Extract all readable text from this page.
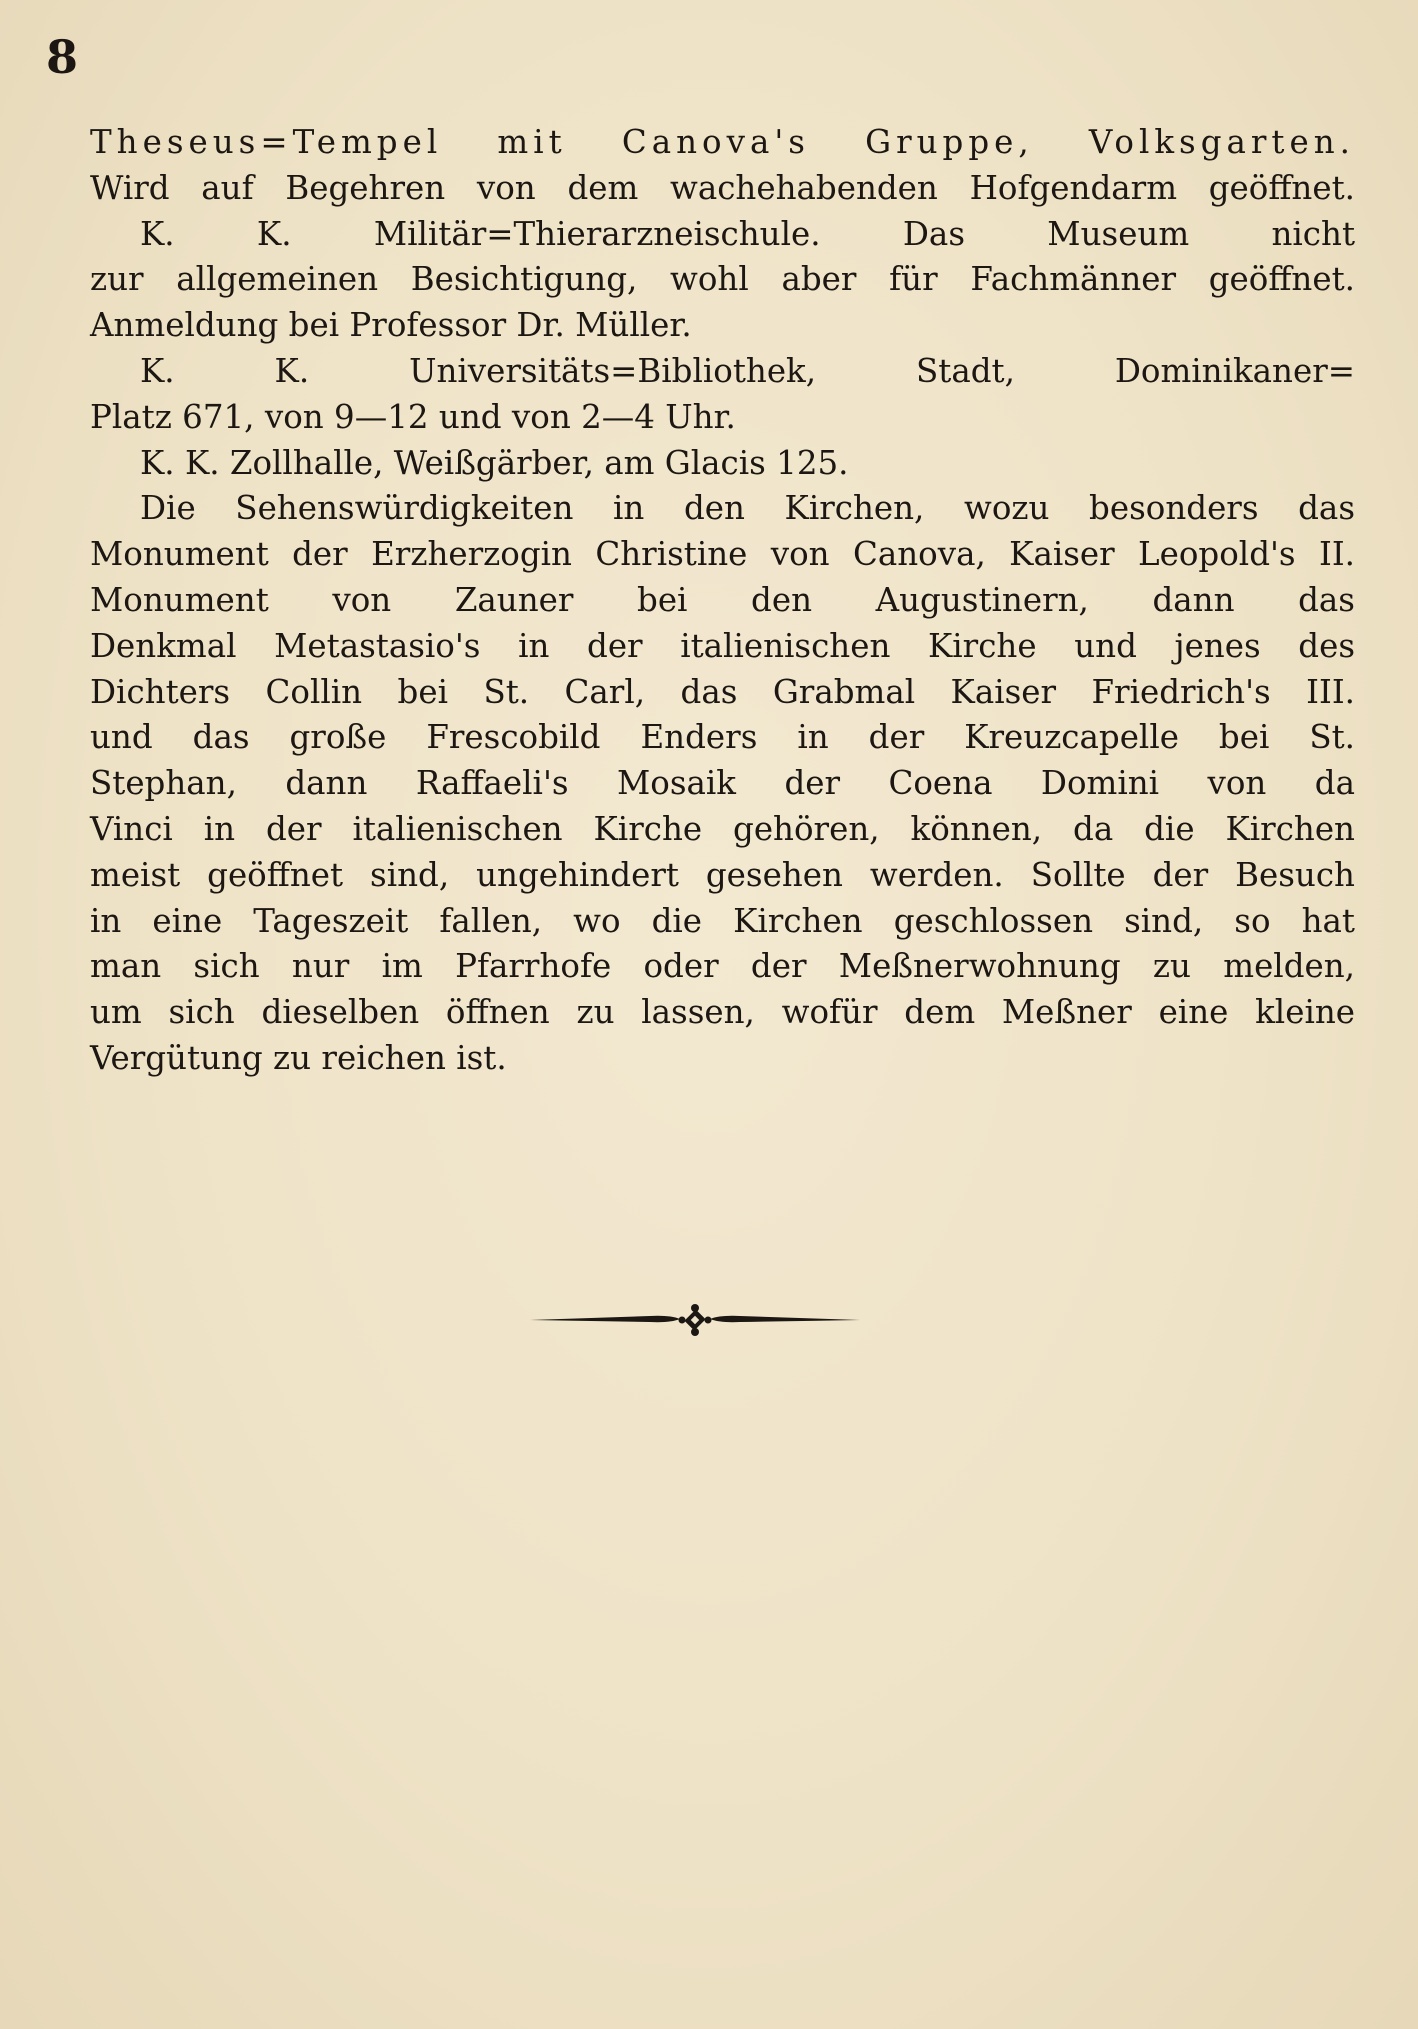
8
Theseus=Tempel mit Canova's Gruppe, Volksgarten.
Wird auf Begehren von dem wachehabenden Hofgendarm geöffnet.
K. K. Militär=Thierarzneischule. Das Museum nicht
zur allgemeinen Besichtigung, wohl aber für Fachmänner geöffnet.
Anmeldung bei Professor Dr. Müller.
K. K. Universitäts=Bibliothek, Stadt, Dominikaner=
Platz 671, von 9—12 und von 2—4 Uhr.
K. K. Zollhalle, Weißgärber, am Glacis 125.
Die Sehenswürdigkeiten in den Kirchen, wozu besonders das
Monument der Erzherzogin Christine von Canova, Kaiser Leopold's II.
Monument von Zauner bei den Augustinern, dann das
Denkmal Metastasio's in der italienischen Kirche und jenes des
Dichters Collin bei St. Carl, das Grabmal Kaiser Friedrich's III.
und das große Frescobild Enders in der Kreuzcapelle bei St.
Stephan, dann Raffaeli's Mosaik der Coena Domini von da
Vinci in der italienischen Kirche gehören, können, da die Kirchen
meist geöffnet sind, ungehindert gesehen werden. Sollte der Besuch
in eine Tageszeit fallen, wo die Kirchen geschlossen sind, so hat
man sich nur im Pfarrhofe oder der Meßnerwohnung zu melden,
um sich dieselben öffnen zu lassen, wofür dem Meßner eine kleine
Vergütung zu reichen ist.
